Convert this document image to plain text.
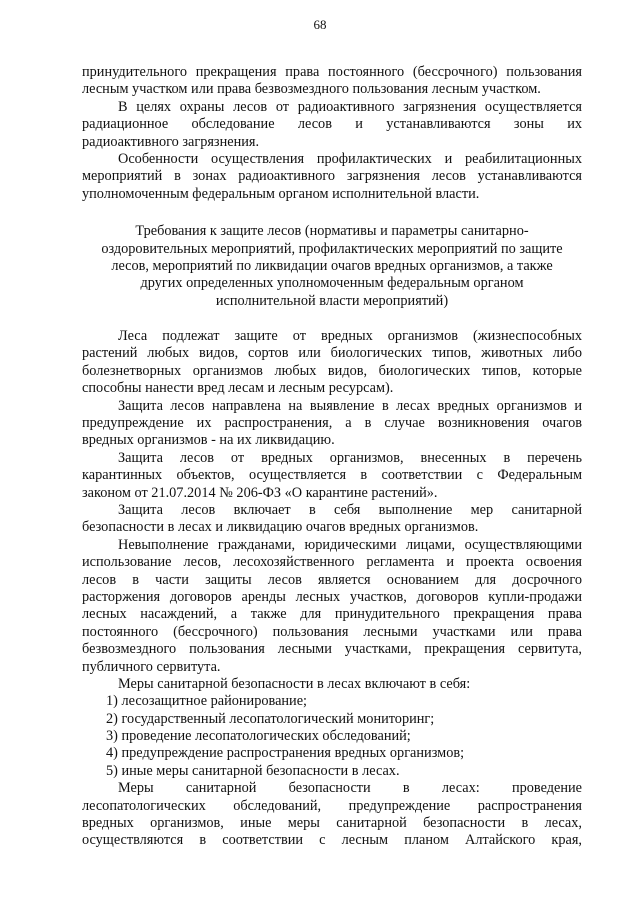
68
принудительного прекращения права постоянного (бессрочного) пользования
лесным участком или права безвозмездного пользования лесным участком.
В целях охраны лесов от радиоактивного загрязнения осуществляется
радиационное обследование лесов и устанавливаются зоны их
радиоактивного загрязнения.
Особенности осуществления профилактических и реабилитационных
мероприятий в зонах радиоактивного загрязнения лесов устанавливаются
уполномоченным федеральным органом исполнительной власти.
Требования к защите лесов (нормативы и параметры санитарно-
оздоровительных мероприятий, профилактических мероприятий по защите
лесов, мероприятий по ликвидации очагов вредных организмов, а также
других определенных уполномоченным федеральным органом
исполнительной власти мероприятий)
Леса подлежат защите от вредных организмов (жизнеспособных
растений любых видов, сортов или биологических типов, животных либо
болезнетворных организмов любых видов, биологических типов, которые
способны нанести вред лесам и лесным ресурсам).
Защита лесов направлена на выявление в лесах вредных организмов и
предупреждение их распространения, а в случае возникновения очагов
вредных организмов - на их ликвидацию.
Защита лесов от вредных организмов, внесенных в перечень
карантинных объектов, осуществляется в соответствии с Федеральным
законом от 21.07.2014 № 206-ФЗ «О карантине растений».
Защита лесов включает в себя выполнение мер санитарной
безопасности в лесах и ликвидацию очагов вредных организмов.
Невыполнение гражданами, юридическими лицами, осуществляющими
использование лесов, лесохозяйственного регламента и проекта освоения
лесов в части защиты лесов является основанием для досрочного
расторжения договоров аренды лесных участков, договоров купли-продажи
лесных насаждений, а также для принудительного прекращения права
постоянного (бессрочного) пользования лесными участками или права
безвозмездного пользования лесными участками, прекращения сервитута,
публичного сервитута.
Меры санитарной безопасности в лесах включают в себя:
1) лесозащитное районирование;
2) государственный лесопатологический мониторинг;
3) проведение лесопатологических обследований;
4) предупреждение распространения вредных организмов;
5) иные меры санитарной безопасности в лесах.
Меры санитарной безопасности в лесах: проведение
лесопатологических обследований, предупреждение распространения
вредных организмов, иные меры санитарной безопасности в лесах,
осуществляются в соответствии с лесным планом Алтайского края,
